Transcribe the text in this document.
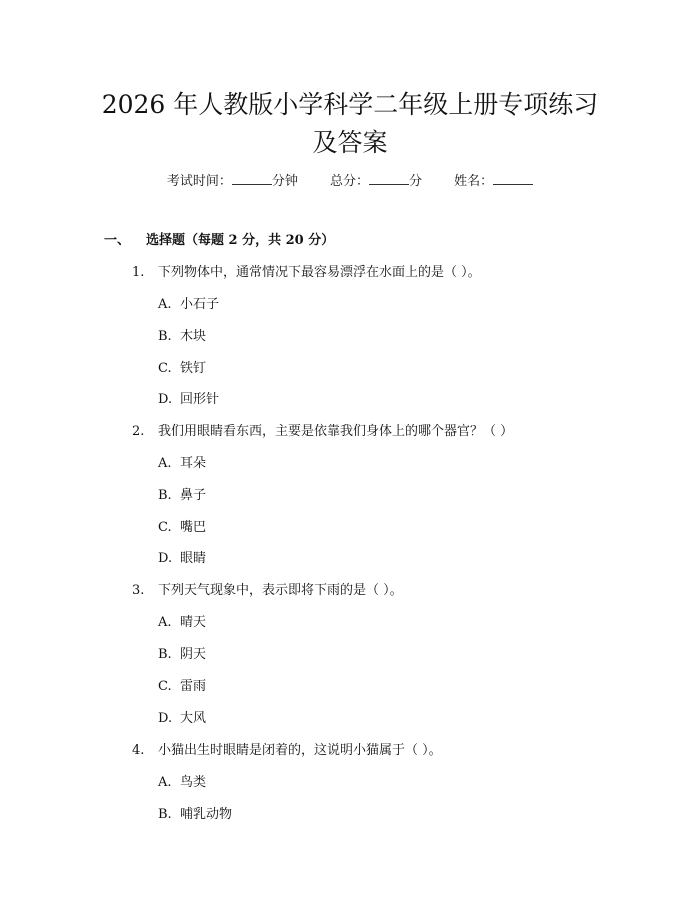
2026 年人教版小学科学二年级上册专项练习
及答案
考试时间：	分钟 总分：	分 姓名：
一、 选择题（每题 2 分，共 20 分）
1. 下列物体中，通常情况下最容易漂浮在水面上的是（ ）。
A. 小石子
B. 木块
C. 铁钉
D. 回形针
2. 我们用眼睛看东西，主要是依靠我们身体上的哪个器官？（ ）
A. 耳朵
B. 鼻子
C. 嘴巴
D. 眼睛
3. 下列天气现象中，表示即将下雨的是（ ）。
A. 晴天
B. 阴天
C. 雷雨
D. 大风
4. 小猫出生时眼睛是闭着的，这说明小猫属于（ ）。
A. 鸟类
B. 哺乳动物
